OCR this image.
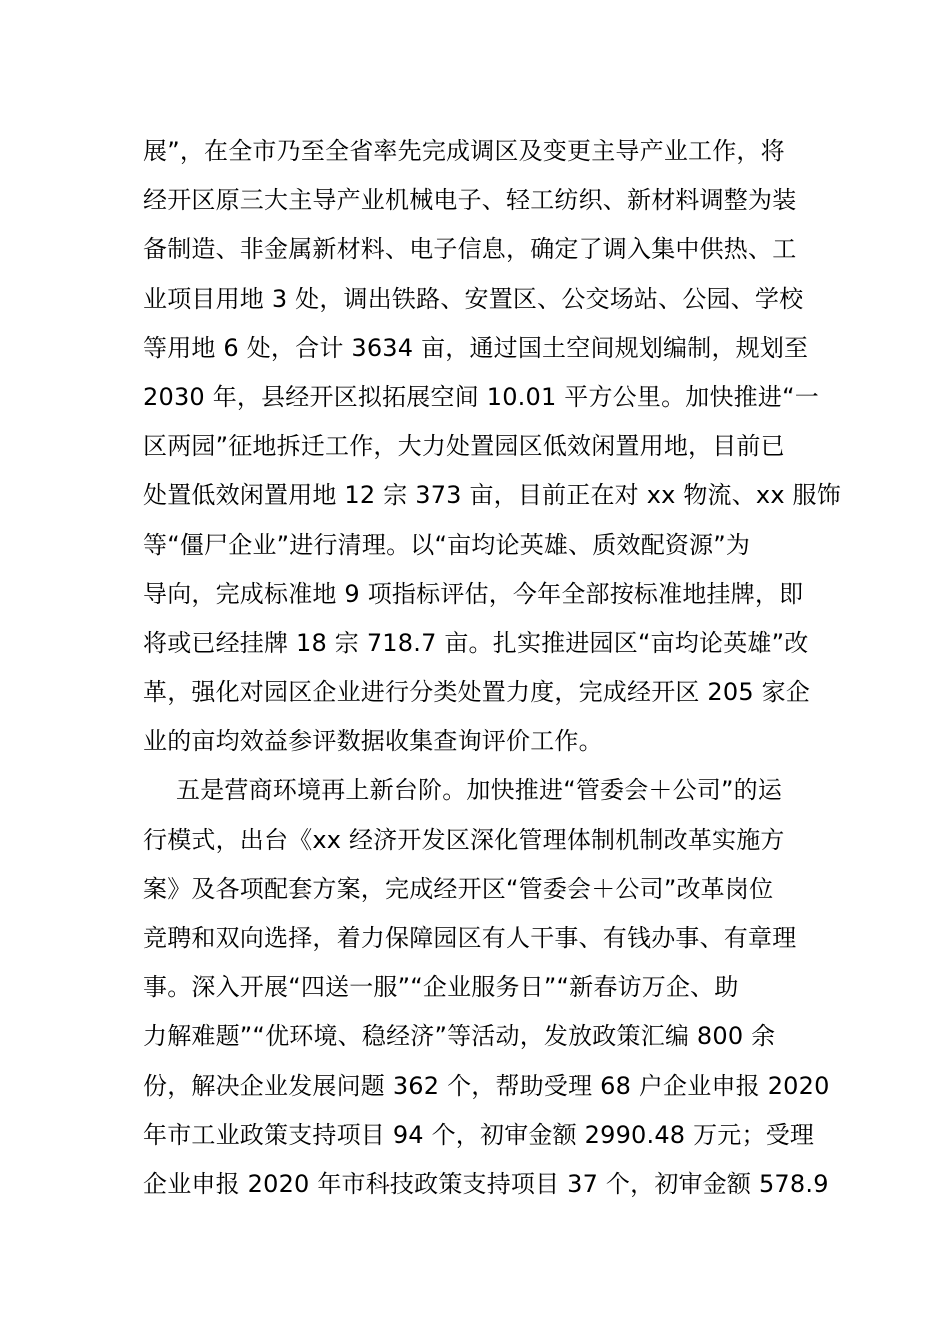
展”，在全市乃至全省率先完成调区及变更主导产业工作，将
经开区原三大主导产业机械电子、轻工纺织、新材料调整为装
备制造、非金属新材料、电子信息，确定了调入集中供热、工
业项目用地 3 处，调出铁路、安置区、公交场站、公园、学校
等用地 6 处，合计 3634 亩，通过国土空间规划编制，规划至
2030 年，县经开区拟拓展空间 10.01 平方公里。加快推进“一
区两园”征地拆迁工作，大力处置园区低效闲置用地，目前已
处置低效闲置用地 12 宗 373 亩，目前正在对 xx 物流、xx 服饰
等“僵尸企业”进行清理。以“亩均论英雄、质效配资源”为
导向，完成标准地 9 项指标评估，今年全部按标准地挂牌，即
将或已经挂牌 18 宗 718.7 亩。扎实推进园区“亩均论英雄”改
革，强化对园区企业进行分类处置力度，完成经开区 205 家企
业的亩均效益参评数据收集查询评价工作。
五是营商环境再上新台阶。加快推进“管委会＋公司”的运
行模式，出台《xx 经济开发区深化管理体制机制改革实施方
案》及各项配套方案，完成经开区“管委会＋公司”改革岗位
竞聘和双向选择，着力保障园区有人干事、有钱办事、有章理
事。深入开展“四送一服”“企业服务日”“新春访万企、助
力解难题”“优环境、稳经济”等活动，发放政策汇编 800 余
份，解决企业发展问题 362 个，帮助受理 68 户企业申报 2020
年市工业政策支持项目 94 个，初审金额 2990.48 万元；受理
企业申报 2020 年市科技政策支持项目 37 个，初审金额 578.9
